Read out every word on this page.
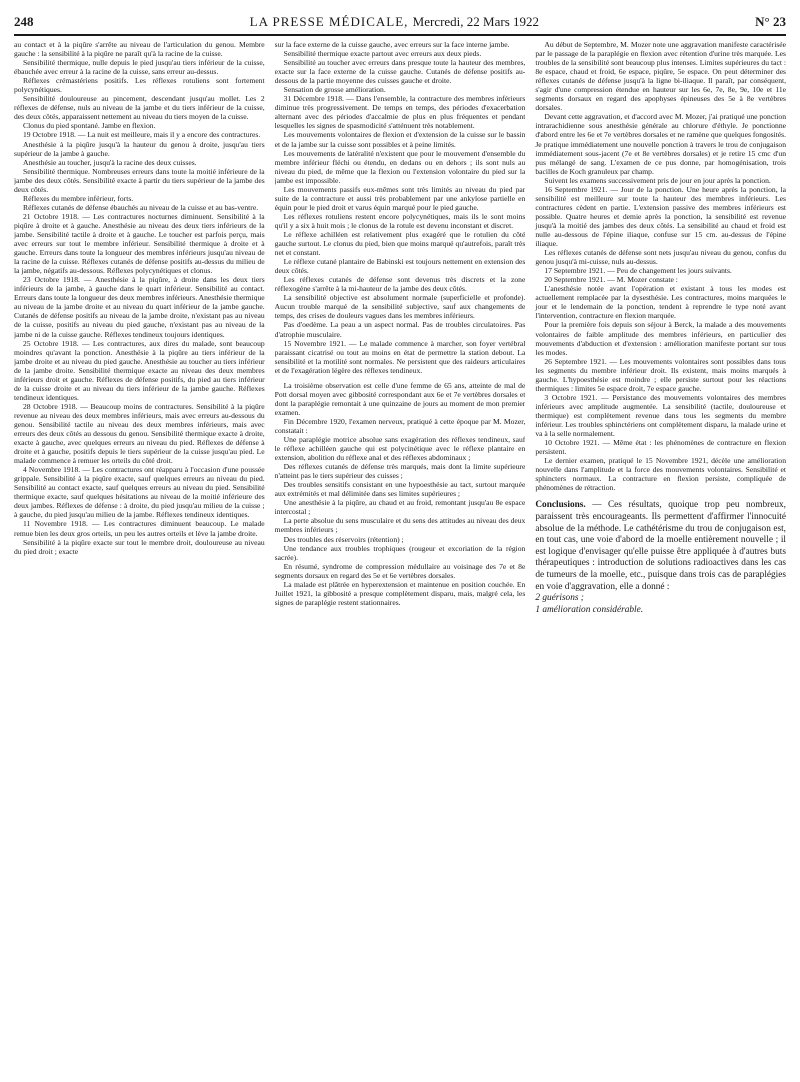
248	LA PRESSE MÉDICALE, Mercredi, 22 Mars 1922	N° 23

au contact et à la piqûre s'arrête au niveau de l'articulation du genou. Membre gauche : la sensibilité à la piqûre ne paraît qu'à la racine de la cuisse.

Sensibilité thermique, nulle depuis le pied jusqu'au tiers inférieur de la cuisse, ébauchée avec erreur à la racine de la cuisse, sans erreur au-dessus.

Réflexes crémastériens positifs. Les réflexes rotuliens sont fortement polycynétiques.

Sensibilité douloureuse au pincement, descendant jusqu'au mollet. Les 2 réflexes de défense, nuls au niveau de la jambe et du tiers inférieur de la cuisse, des deux côtés, apparaissent nettement au niveau du tiers moyen de la cuisse.

Clonus du pied spontané. Jambe en flexion.

19 Octobre 1918. — La nuit est meilleure, mais il y a encore des contractures.

Anesthésie à la piqûre jusqu'à la hauteur du genou à droite, jusqu'au tiers supérieur de la jambe à gauche.

Anesthésie au toucher, jusqu'à la racine des deux cuisses.

Sensibilité thermique. Nombreuses erreurs dans toute la moitié inférieure de la jambe des deux côtés. Sensibilité exacte à partir du tiers supérieur de la jambe des deux côtés.

Réflexes du membre inférieur, forts.

Réflexes cutanés de défense ébauchés au niveau de la cuisse et au bas-ventre.

21 Octobre 1918. — Les contractures nocturnes diminuent. Sensibilité à la piqûre à droite et à gauche. Anesthésie au niveau des deux tiers inférieurs de la jambe. Sensibilité tactile à droite et à gauche. Le toucher est parfois perçu, mais avec erreurs sur tout le membre inférieur. Sensibilité thermique à droite et à gauche. Erreurs dans toute la longueur des membres inférieurs jusqu'au niveau de la racine de la cuisse. Réflexes cutanés de défense positifs au-dessus du milieu de la jambe, négatifs au-dessous. Réflexes polycynétiques et clonus.

23 Octobre 1918. — Anesthésie à la piqûre, à droite dans les deux tiers inférieurs de la jambe, à gauche dans le quart inférieur. Sensibilité au contact. Erreurs dans toute la longueur des deux membres inférieurs. Anesthésie thermique au niveau de la jambe droite et au niveau du quart inférieur de la jambe gauche. Cutanés de défense positifs au niveau de la jambe droite, n'existant pas au niveau de la cuisse, positifs au niveau du pied gauche, n'existant pas au niveau de la jambe ni de la cuisse gauche. Réflexes tendineux toujours identiques.

25 Octobre 1918. — Les contractures, aux dires du malade, sont beaucoup moindres qu'avant la ponction. Anesthésie à la piqûre au tiers inférieur de la jambe droite et au niveau du pied gauche. Anesthésie au toucher au tiers inférieur de la jambe droite. Sensibilité thermique exacte au niveau des deux membres inférieurs droit et gauche. Réflexes de défense positifs, du pied au tiers inférieur de la cuisse droite et au niveau du tiers inférieur de la jambe gauche. Réflexes tendineux identiques.

28 Octobre 1918. — Beaucoup moins de contractures. Sensibilité à la piqûre revenue au niveau des deux membres inférieurs, mais avec erreurs au-dessous du genou. Sensibilité tactile au niveau des deux membres inférieurs, mais avec erreurs des deux côtés au dessous du genou. Sensibilité thermique exacte à droite, exacte à gauche, avec quelques erreurs au niveau du pied. Réflexes de défense à droite et à gauche, positifs depuis le tiers supérieur de la cuisse jusqu'au pied. Le malade commence à remuer les orteils du côté droit.

4 Novembre 1918. — Les contractures ont réapparu à l'occasion d'une poussée grippale. Sensibilité à la piqûre exacte, sauf quelques erreurs au niveau du pied. Sensibilité au contact exacte, sauf quelques erreurs au niveau du pied. Sensibilité thermique exacte, sauf quelques hésitations au niveau de la moitié inférieure des deux jambes. Réflexes de défense : à droite, du pied jusqu'au milieu de la cuisse ; à gauche, du pied jusqu'au milieu de la jambe. Réflexes tendineux identiques.

11 Novembre 1918. — Les contractures diminuent beaucoup. Le malade remue bien les deux gros orteils, un peu les autres orteils et lève la jambe droite.

Sensibilité à la piqûre exacte sur tout le membre droit, douloureuse au niveau du pied droit ; exacte

sur la face externe de la cuisse gauche, avec erreurs sur la face interne jambe.

Sensibilité thermique exacte partout avec erreurs aux deux pieds.

Sensibilité au toucher avec erreurs dans presque toute la hauteur des membres, exacte sur la face externe de la cuisse gauche. Cutanés de défense positifs au-dessous de la partie moyenne des cuisses gauche et droite.

Sensation de grosse amélioration.

31 Décembre 1918. — Dans l'ensemble, la contracture des membres inférieurs diminue très progressivement. De temps en temps, des périodes d'exacerbation alternant avec des périodes d'accalmie de plus en plus fréquentes et pendant lesquelles les signes de spasmodicité s'atténuent très notablement.

Les mouvements volontaires de flexion et d'extension de la cuisse sur le bassin et de la jambe sur la cuisse sont possibles et à peine limités.

Les mouvements de latéralité n'existent que pour le mouvement d'ensemble du membre inférieur fléchi ou étendu, en dedans ou en dehors ; ils sont nuls au niveau du pied, de même que la flexion ou l'extension volontaire du pied sur la jambe est impossible.

Les mouvements passifs eux-mêmes sont très limités au niveau du pied par suite de la contracture et aussi très probablement par une ankylose partielle en équin pour le pied droit et varus équin marqué pour le pied gauche.

Les réflexes rotuliens restent encore polycynétiques, mais ils le sont moins qu'il y a six à huit mois ; le clonus de la rotule est devenu inconstant et discret.

Le réflexe achilléen est relativement plus exagéré que le rotulien du côté gauche surtout. Le clonus du pied, bien que moins marqué qu'autrefois, paraît très net et constant.

Le réflexe cutané plantaire de Babinski est toujours nettement en extension des deux côtés.

Les réflexes cutanés de défense sont devenus très discrets et la zone réflexogène s'arrête à la mi-hauteur de la jambe des deux côtés.

La sensibilité objective est absolument normale (superficielle et profonde). Aucun trouble marqué de la sensibilité subjective, sauf aux changements de temps, des crises de douleurs vagues dans les membres inférieurs.

Pas d'oedème. La peau a un aspect normal. Pas de troubles circulatoires. Pas d'atrophie musculaire.

15 Novembre 1921. — Le malade commence à marcher, son foyer vertébral paraissant cicatrisé ou tout au moins en état de permettre la station debout. La sensibilité et la motilité sont normales. Ne persistent que des raideurs articulaires et de l'exagération légère des réflexes tendineux.

La troisième observation est celle d'une femme de 65 ans, atteinte de mal de Pott dorsal moyen avec gibbosité correspondant aux 6e et 7e vertèbres dorsales et dont la paraplégie remontait à une quinzaine de jours au moment de mon premier examen.

Fin Décembre 1920, l'examen nerveux, pratiqué à cette époque par M. Mozer, constatait :

Une paraplégie motrice absolue sans exagération des réflexes tendineux, sauf le réflexe achilléen gauche qui est polycinétique avec le réflexe plantaire en extension, abolition du réflexe anal et des réflexes abdominaux ;

Des réflexes cutanés de défense très marqués, mais dont la limite supérieure n'atteint pas le tiers supérieur des cuisses ;

Des troubles sensitifs consistant en une hypoesthésie au tact, surtout marquée aux extrémités et mal délimitée dans ses limites supérieures ;

Une anesthésie à la piqûre, au chaud et au froid, remontant jusqu'au 8e espace intercostal ;

La perte absolue du sens musculaire et du sens des attitudes au niveau des deux membres inférieurs ;

Des troubles des réservoirs (rétention) ;

Une tendance aux troubles trophiques (rougeur et excoriation de la région sacrée).

En résumé, syndrome de compression médullaire au voisinage des 7e et 8e segments dorsaux en regard des 5e et 6e vertèbres dorsales.

La malade est plâtrée en hyperextension et maintenue en position couchée. En Juillet 1921, la gibbosité a presque complètement disparu, mais, malgré cela, les signes de paraplégie restent stationnaires.

Au début de Septembre, M. Mozer note une aggravation manifeste caractérisée par le passage de la paraplégie en flexion avec rétention d'urine très marquée. Les troubles de la sensibilité sont beaucoup plus intenses. Limites supérieures du tact : 8e espace, chaud et froid, 6e espace, piqûre, 5e espace. On peut déterminer des réflexes cutanés de défense jusqu'à la ligne bi-iliaque. Il paraît, par conséquent, s'agir d'une compression étendue en hauteur sur les 6e, 7e, 8e, 9e, 10e et 11e segments dorsaux en regard des apophyses épineuses des 5e à 8e vertèbres dorsales.

Devant cette aggravation, et d'accord avec M. Mozer, j'ai pratiqué une ponction intrarachidienne sous anesthésie générale au chlorure d'éthyle. Je ponctionne d'abord entre les 6e et 7e vertèbres dorsales et ne ramène que quelques fongosités. Je pratique immédiatement une nouvelle ponction à travers le trou de conjugaison immédiatement sous-jacent (7e et 8e vertèbres dorsales) et je retire 15 cmc d'un pus mélangé de sang. L'examen de ce pus donne, par homogénisation, trois bacilles de Koch granuleux par champ.

Suivent les examens successivement pris de jour en jour après la ponction.

16 Septembre 1921. — Jour de la ponction. Une heure après la ponction, la sensibilité est meilleure sur toute la hauteur des membres inférieurs. Les contractures cèdent en partie. L'extension passive des membres inférieurs est possible. Quatre heures et demie après la ponction, la sensibilité est revenue jusqu'à la moitié des jambes des deux côtés. La sensibilité au chaud et froid est nulle au-dessous de l'épine iliaque, confuse sur 15 cm. au-dessus de l'épine iliaque.

Les réflexes cutanés de défense sont nets jusqu'au niveau du genou, confus du genou jusqu'à mi-cuisse, nuls au-dessus.

17 Septembre 1921. — Peu de changement les jours suivants.

20 Septembre 1921. — M. Mozer constate :

L'anesthésie notée avant l'opération et existant à tous les modes est actuellement remplacée par la dysesthésie. Les contractures, moins marquées le jour et le lendemain de la ponction, tendent à reprendre le type noté avant l'intervention, contracture en flexion marquée.

Pour la première fois depuis son séjour à Berck, la malade a des mouvements volontaires de faible amplitude des membres inférieurs, en particulier des mouvements d'abduction et d'extension : amélioration manifeste portant sur tous les modes.

26 Septembre 1921. — Les mouvements volontaires sont possibles dans tous les segments du membre inférieur droit. Ils existent, mais moins marqués à gauche. L'hypoesthésie est moindre ; elle persiste surtout pour les réactions thermiques : limites 5e espace droit, 7e espace gauche.

3 Octobre 1921. — Persistance des mouvements volontaires des membres inférieurs avec amplitude augmentée. La sensibilité (tactile, douloureuse et thermique) est complètement revenue dans tous les segments du membre inférieur. Les troubles sphinctériens ont complètement disparu, la malade urine et va à la selle normalement.

10 Octobre 1921. — Même état : les phénomènes de contracture en flexion persistent.

Le dernier examen, pratiqué le 15 Novembre 1921, décèle une amélioration nouvelle dans l'amplitude et la force des mouvements volontaires. Sensibilité et sphincters normaux. La contracture en flexion persiste, compliquée de phénomènes de rétraction.

Conclusions. — Ces résultats, quoique trop peu nombreux, paraissent très encourageants. Ils permettent d'affirmer l'innocuité absolue de la méthode. Le cathétérisme du trou de conjugaison est, en tout cas, une voie d'abord de la moelle entièrement nouvelle ; il est logique d'envisager qu'elle puisse être appliquée à d'autres buts thérapeutiques : introduction de solutions radioactives dans les cas de tumeurs de la moelle, etc., puisque dans trois cas de paraplégies en voie d'aggravation, elle a donné :

2 guérisons ;

1 amélioration considérable.
